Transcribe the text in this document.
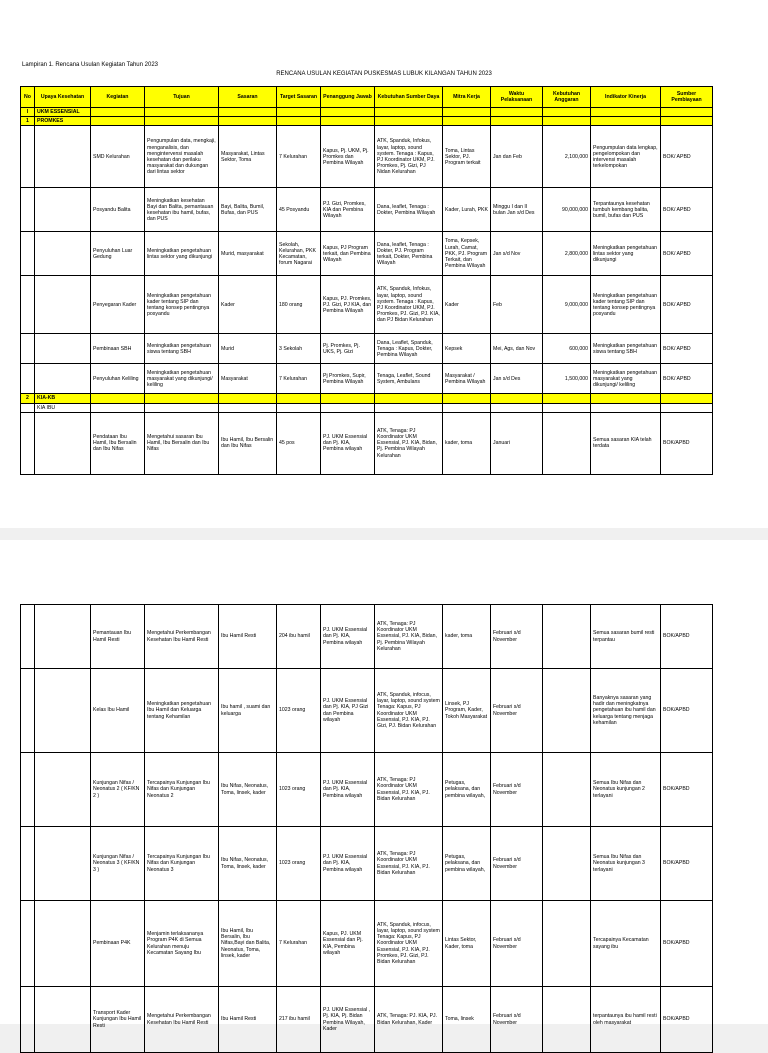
Lampiran 1. Rencana Usulan Kegiatan Tahun 2023
RENCANA USULAN KEGIATAN PUSKESMAS LUBUK KILANGAN TAHUN 2023
No	Upaya Kesehatan	Kegiatan	Tujuan	Sasaran	Target Sasaran	Penanggung Jawab	Kebutuhan Sumber Daya	Mitra Kerja	Waktu Pelaksanaan	Kebutuhan Anggaran	Indikator Kinerja	Sumber Pembiayaan
I	UKM ESSENSIAL											
1	PROMKES											
		SMD Kelurahan	Pengumpulan data, mengkaji, menganalisis, dan mengintervensi masalah kesehatan dan perilaku masyarakat dan dukungan dari lintas sektor	Masyarakat, Lintas Sektor, Toma	7 Kelurahan	Kapus, Pj. UKM, Pj. Promkes dan Pembina Wilayah	ATK, Spanduk, Infokus, layar, laptop, sound system. Tenaga : Kapus, PJ Koordinator UKM, PJ. Promkes, Pj. Gizi, PJ Nidan Kelurahan	Toma, Lintas Sektor, PJ. Program terkait	Jan dan Feb	2,100,000	Pengumpulan data lengkap, pengelompokan dan intervensi masalah terkelompokan	BOK/ APBD
		Posyandu Balita	Meningkatkan kesehatan Bayi dan Balita, pemantauan kesehatan ibu hamil, bufas, dan PUS	Bayi, Balita, Bumil, Bufas, dan PUS	45 Posyandu	PJ. Gizi, Promkes, KIA dan Pembina Wilayah	Dana, leaflet, Tenaga : Dokter, Pembina Wilayah	Kader, Lurah, PKK	Minggu I dan II bulan Jan s/d Des	90,000,000	Terpantaunya kesehatan tumbuh kembang balita, bumil, bufas dan PUS	BOK/ APBD
		Penyuluhan Luar Gedung	Meningkatkan pengetahuan lintas sektor yang dikunjungi	Murid, masyarakat	Sekolah, Kelurahan, PKK Kecamatan, forum Nagarai	Kapus, PJ Program terkait, dan Pembina Wilayah	Dana, leaflet, Tenaga : Dokter, PJ. Program terkait, Dokter, Pembina Wilayah	Toma, Kepsek, Lurah, Camat, PKK, PJ. Program Terkait, dan Pembina Wilayah	Jan s/d Nov	2,800,000	Meningkatkan pengetahuan lintas sektor yang dikunjungi	BOK/ APBD
		Penyegaran Kader	Meningkatkan pengetahuan kader tentang SIP dan tentang konsep pentingnya posyandu	Kader	180 orang	Kapus, PJ. Promkes, PJ. Gizi, PJ KIA, dan Pembina Wilayah	ATK, Spanduk, Infokus, layar, laptop, sound system. Tenaga : Kapus, PJ Koordinator UKM, PJ. Promkes, PJ. Gizi, PJ. KIA, dan PJ Bidan Kelurahan	Kader	Feb	9,000,000	Meningkatkan pengetahuan kader tentang SIP dan tentang konsep pentingnya posyandu	BOK/ APBD
		Pembinaan SBH	Meningkatkan pengetahuan siswa tentang SBH	Murid	3 Sekolah	Pj. Promkes, Pj. UKS, Pj. Gizi	Dana, Leaflet, Spanduk, Tenaga : Kapus, Dokter, Pembina Wilayah	Kepsek	Mei, Ags, dan Nov	600,000	Meningkatkan pengetahuan siswa tentang SBH	BOK/ APBD
		Penyuluhan Keliling	Meningkatkan pengetahuan masyarakat yang dikunjungi/ keliling	Masyarakat	7 Kelurahan	Pj Promkes, Supir, Pembina Wilayah	Tenaga, Leaflet, Sound System, Ambulans	Masyarakat / Pembina Wilayah	Jan s/d Des	1,500,000	Meningkatkan pengetahuan masyarakat yang dikunjungi/ keliling	BOK/ APBD
2	KIA-KB											
	KIA IBU											
		Pendataan Ibu Hamil, Ibu Bersalin dan Ibu Nifas	Mengetahui sasaran Ibu Hamil, Ibu Bersalin dan Ibu Nifas	Ibu Hamil, Ibu Bersalin dan Ibu Nifas	45 pos	PJ. UKM Essensial dan Pj. KIA, Pembina wilayah	ATK, Tenaga: PJ Koordinator UKM Essensial, PJ. KIA, Bidan, Pj. Pembina Wilayah Kelurahan	kader, toma	Januari		Semua sasaran KIA telah terdata	BOK/APBD
		Pemantauan Ibu Hamil Resti	Mengetahui Perkembangan Kesehatan Ibu Hamil Resti	Ibu Hamil Resti	204 ibu hamil	PJ. UKM Essensial dan Pj. KIA, Pembina wilayah	ATK, Tenaga: PJ Koordinator UKM Essensial, PJ. KIA, Bidan, Pj. Pembina Wilayah Kelurahan	kader, toma	Februari s/d November		Semua sasaran bumil resti terpantau	BOK/APBD
		Kelas Ibu Hamil	Meningkatkan pengetahuan Ibu Hamil dan Keluarga tentang Kehamilan	Ibu hamil , suami dan keluarga	1023 orang	PJ. UKM Essensial dan Pj. KIA, PJ Gizi dan Pembina wilayah	ATK, Spanduk, infocus, layar, laptop, sound system Tenaga: Kapus, PJ Koordinator UKM Essensial, PJ. KIA, PJ. Gizi, PJ. Bidan Kelurahan	Linsek, PJ Program, Kader, Tokoh Masyarakat	Februari s/d November		Banyaknya sasaran yang hadir dan meningkatnya pengetahuan ibu hamil dan keluarga tentang menjaga kehamilan	BOK/APBD
		Kunjungan Nifas / Neonatus 2 ( KF/KN 2 )	Tercapainya Kunjungan Ibu Nifas dan Kunjungan Neonatus 2	Ibu Nifas, Neonatus, Toma, linsek, kader	1023 orang	PJ. UKM Essensial dan Pj. KIA, Pembina wilayah	ATK, Tenaga: PJ Koordinator UKM Essensial, PJ. KIA, PJ. Bidan Kelurahan	Petugas, pelaksana, dan pembina wilayah,	Februari s/d November		Semua Ibu Nifas dan Neonatus kunjungan 2 terlayani	BOK/APBD
		Kunjungan Nifas / Neonatus 3 ( KF/KN 3 )	Tercapainya Kunjungan Ibu Nifas dan Kunjungan Neonatus 3	Ibu Nifas, Neonatus, Toma, linsek, kader	1023 orang	PJ. UKM Essensial dan Pj. KIA, Pembina wilayah	ATK, Tenaga: PJ Koordinator UKM Essensial, PJ. KIA, PJ. Bidan Kelurahan	Petugas, pelaksana, dan pembina wilayah,	Februari s/d November		Semua Ibu Nifas dan Neonatus kunjungan 3 terlayani	BOK/APBD
		Pembinaan P4K	Menjamin terlaksananya Program P4K di Semua Kelurahan menuju Kecamatan Sayang Ibu	Ibu Hamil, Ibu Bersalin, Ibu Nifas,Bayi dan Balita, Neonatus, Toma, linsek, kader	7 Kelurahan	Kapus, PJ. UKM Essensial dan Pj. KIA, Pembina wilayah	ATK, Spanduk, infocus, layar, laptop, sound system Tenaga: Kapus, PJ Koordinator UKM Essensial, PJ. KIA, PJ. Promkes, PJ. Gizi, PJ. Bidan Kelurahan	Lintas Sektor, Kader, toma	Februari s/d November		Tercapainya Kecamatan sayang ibu	BOK/APBD
		Transport Kader Kunjungan Ibu Hamil Resti	Mengetahui Perkembangan Kesehatan Ibu Hamil Resti	Ibu Hamil Resti	217 ibu hamil	PJ. UKM Essensial , Pj. KIA, Pj. Bidan Pembina Wilayah, Kader	ATK, Tenaga: PJ. KIA, PJ. Bidan Kelurahan, Kader	Toma, linsek	Februari s/d November		terpantaunya ibu hamil resti oleh masyarakat	BOK/APBD
